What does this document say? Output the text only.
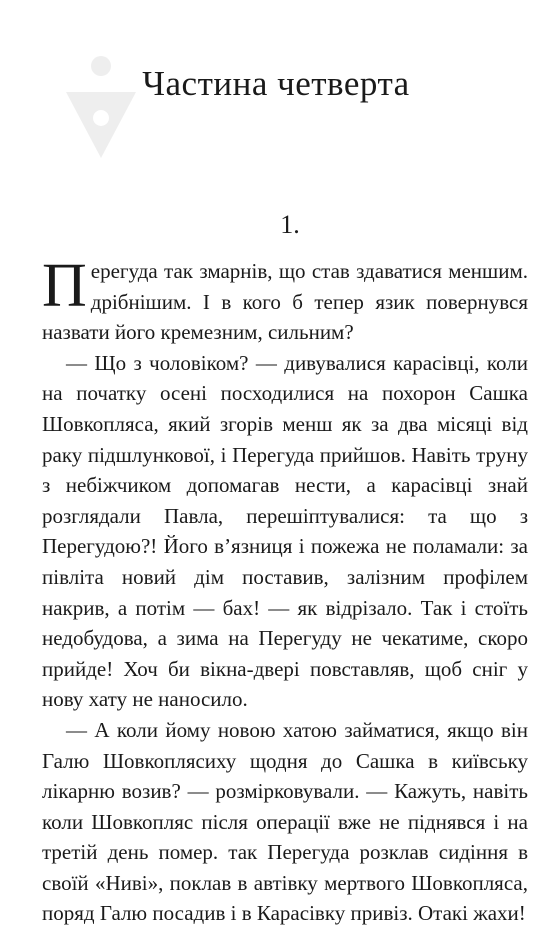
Частина четверта
1.

Перегуда так змарнів, що став здаватися меншим. дрібнішим. І в кого б тепер язик повернувся назвати його кремезним, сильним?

— Що з чоловіком? — дивувалися карасівці, коли на початку осені посходилися на похорон Сашка Шовкопляса, який згорів менш як за два місяці від раку підшлункової, і Перегуда прийшов. Навіть труну з небіжчиком допомагав нести, а карасівці знай розглядали Павла, перешіптувалися: та що з Перегудою?! Його в’язниця і пожежа не поламали: за півліта новий дім поставив, залізним профілем накрив, а потім — бах! — як відрізало. Так і стоїть недобудова, а зима на Перегуду не чекатиме, скоро прийде! Хоч би вікна-двері повставляв, щоб сніг у нову хату не наносило.

— А коли йому новою хатою займатися, якщо він Галю Шовкоплясиху щодня до Сашка в київську лікарню возив? — розмірковували. — Кажуть, навіть коли Шовкопляс після операції вже не піднявся і на третій день помер. так Перегуда розклав сидіння в своїй «Ниві», поклав в автівку мертвого Шовкопляса, поряд Галю посадив і в Карасівку привіз. Отакі жахи!
